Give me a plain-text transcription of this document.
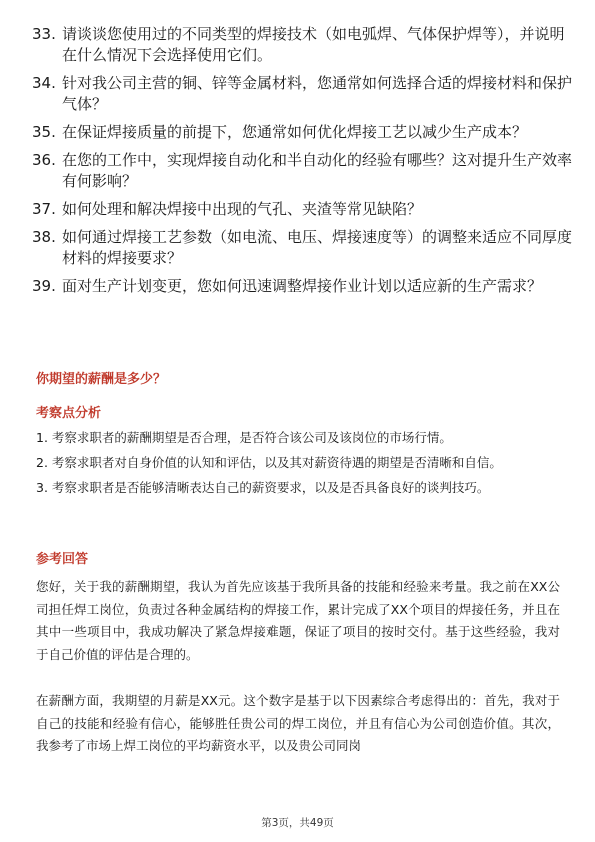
33. 请谈谈您使用过的不同类型的焊接技术（如电弧焊、气体保护焊等），并说明在什么情况下会选择使用它们。
34. 针对我公司主营的铜、锌等金属材料，您通常如何选择合适的焊接材料和保护气体？
35. 在保证焊接质量的前提下，您通常如何优化焊接工艺以减少生产成本？
36. 在您的工作中，实现焊接自动化和半自动化的经验有哪些？这对提升生产效率有何影响？
37. 如何处理和解决焊接中出现的气孔、夹渣等常见缺陷？
38. 如何通过焊接工艺参数（如电流、电压、焊接速度等）的调整来适应不同厚度材料的焊接要求？
39. 面对生产计划变更，您如何迅速调整焊接作业计划以适应新的生产需求？
你期望的薪酬是多少？
考察点分析
1. 考察求职者的薪酬期望是否合理，是否符合该公司及该岗位的市场行情。
2. 考察求职者对自身价值的认知和评估，以及其对薪资待遇的期望是否清晰和自信。
3. 考察求职者是否能够清晰表达自己的薪资要求，以及是否具备良好的谈判技巧。
参考回答

您好，关于我的薪酬期望，我认为首先应该基于我所具备的技能和经验来考量。我之前在XX公司担任焊工岗位，负责过各种金属结构的焊接工作，累计完成了XX个项目的焊接任务，并且在其中一些项目中，我成功解决了紧急焊接难题，保证了项目的按时交付。基于这些经验，我对于自己价值的评估是合理的。

在薪酬方面，我期望的月薪是XX元。这个数字是基于以下因素综合考虑得出的：首先，我对于自己的技能和经验有信心，能够胜任贵公司的焊工岗位，并且有信心为公司创造价值。其次，我参考了市场上焊工岗位的平均薪资水平，以及贵公司同岗

第3页，共49页
